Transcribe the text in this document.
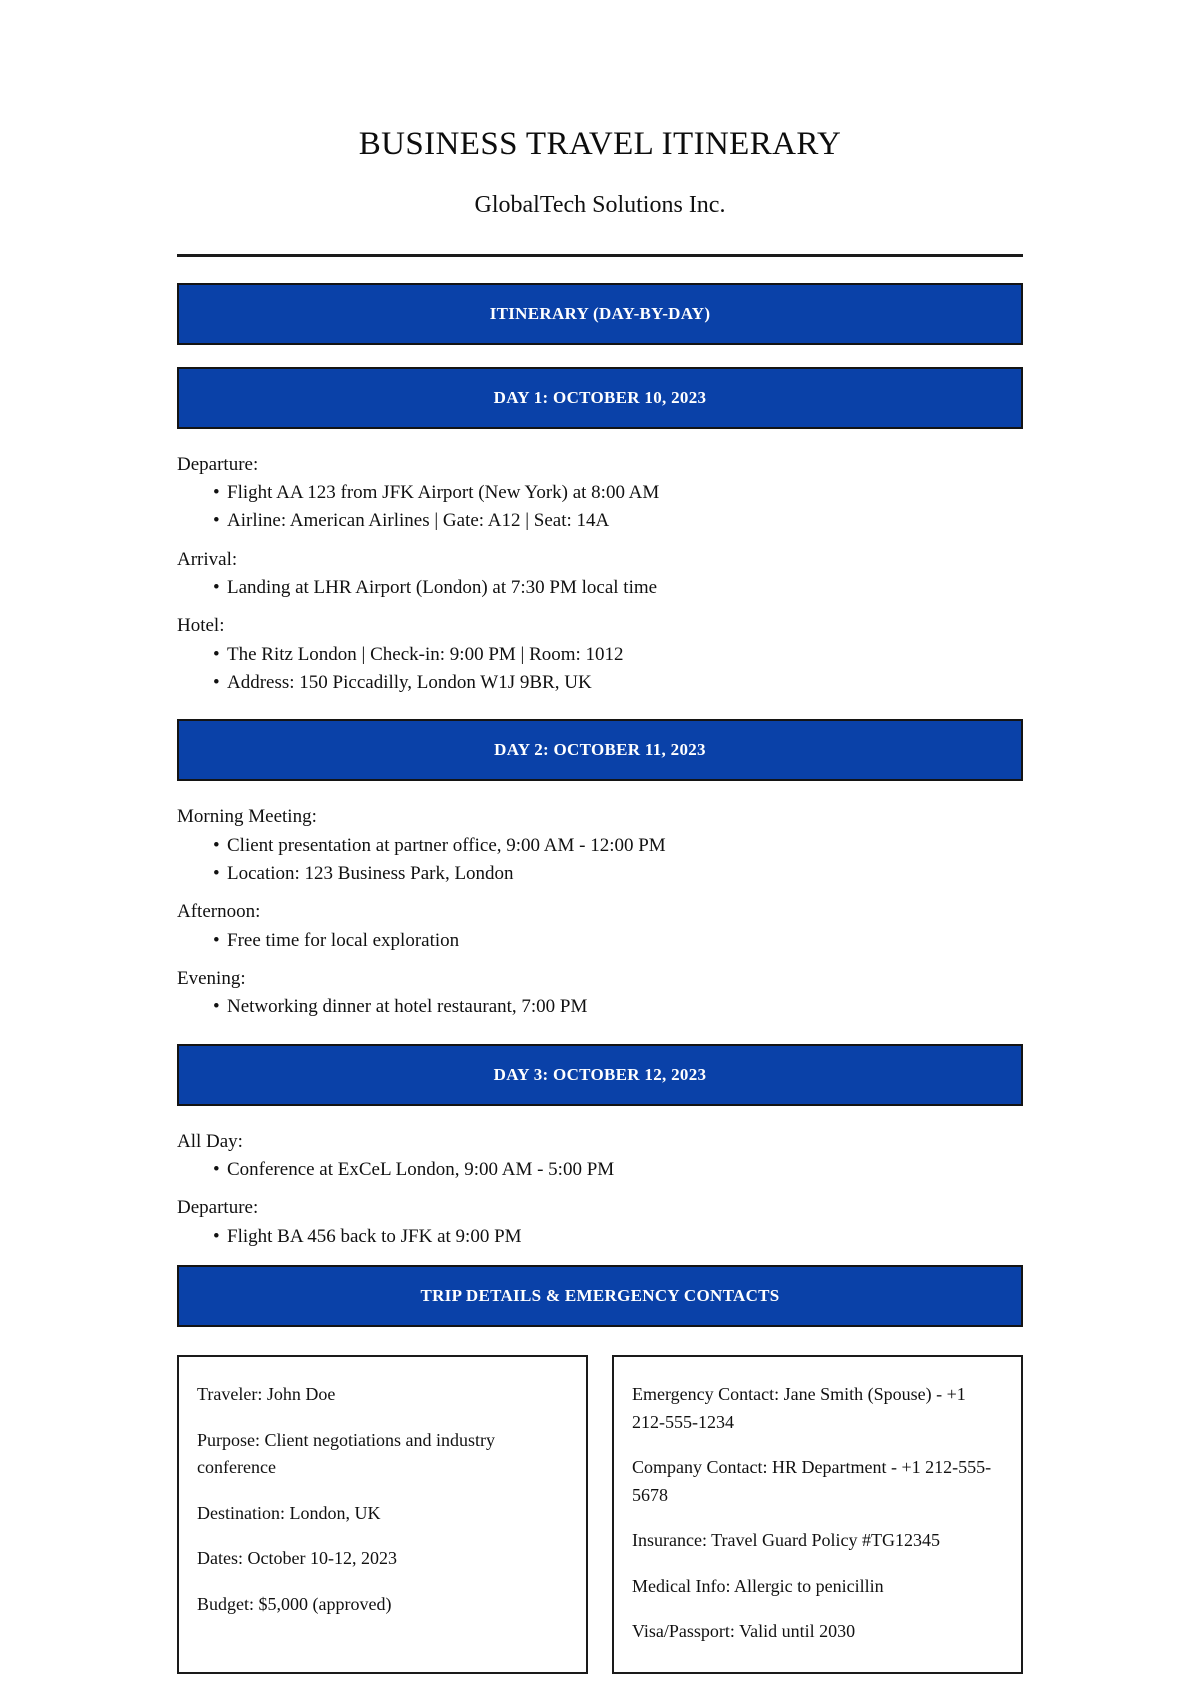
BUSINESS TRAVEL ITINERARY
GlobalTech Solutions Inc.
ITINERARY (DAY-BY-DAY)
DAY 1: OCTOBER 10, 2023

Departure:

• Flight AA 123 from JFK Airport (New York) at 8:00 AM
• Airline: American Airlines | Gate: A12 | Seat: 14A

Arrival:

• Landing at LHR Airport (London) at 7:30 PM local time

Hotel:

• The Ritz London | Check-in: 9:00 PM | Room: 1012
• Address: 150 Piccadilly, London W1J 9BR, UK
DAY 2: OCTOBER 11, 2023

Morning Meeting:

• Client presentation at partner office, 9:00 AM - 12:00 PM
• Location: 123 Business Park, London

Afternoon:

• Free time for local exploration

Evening:

• Networking dinner at hotel restaurant, 7:00 PM
DAY 3: OCTOBER 12, 2023

All Day:

• Conference at ExCeL London, 9:00 AM - 5:00 PM

Departure:

• Flight BA 456 back to JFK at 9:00 PM
TRIP DETAILS & EMERGENCY CONTACTS

Traveler: John Doe

Purpose: Client negotiations and industry conference

Destination: London, UK

Dates: October 10-12, 2023

Budget: $5,000 (approved)

Emergency Contact: Jane Smith (Spouse) - +1 212-555-1234

Company Contact: HR Department - +1 212-555-5678

Insurance: Travel Guard Policy #TG12345

Medical Info: Allergic to penicillin

Visa/Passport: Valid until 2030
